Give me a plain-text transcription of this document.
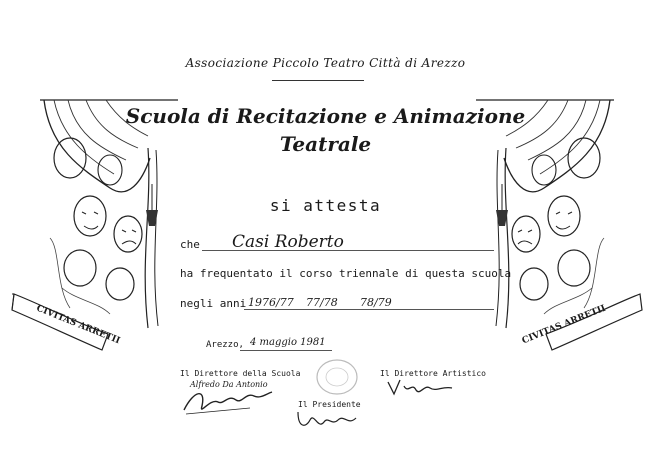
Associazione Piccolo Teatro Città di Arezzo
Scuola di Recitazione e Animazione
Teatrale
si attesta
che Casi Roberto
ha frequentato il corso triennale di questa scuola
negli anni 1976/77 77/78 78/79
Arezzo, 4 maggio 1981
Il Direttore della Scuola
Alfredo Da Antonio
Il Direttore Artistico
Il Presidente
CIVITAS ARRETII	CIVITAS ARRETII
